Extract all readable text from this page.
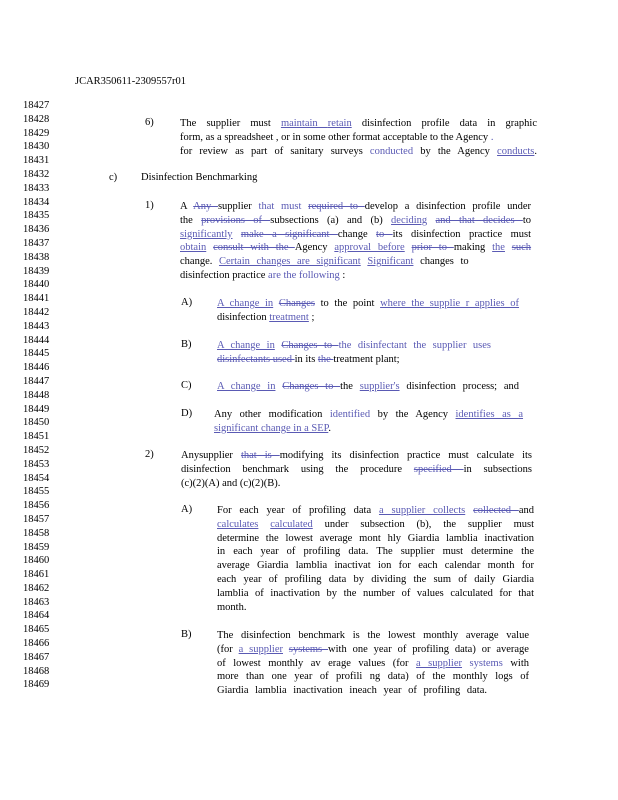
JCAR350611-2309557r01
18427
18428
18429
18430
18431
18432
18433
18434
18435
18436
18437
18438
18439
18440
18441
18442
18443
18444
18445
18446
18447
18448
18449
18450
18451
18452
18453
18454
18455
18456
18457
18458
18459
18460
18461
18462
18463
18464
18465
18466
18467
18468
18469
6)	The supplier must maintain retain disinfection profile data in graphic
form, as a spreadsheet , or in some other format acceptable to the Agency .
for review as part of sanitary surveys conducted by the Agency conducts.
c) Disinfection Benchmarking
1)	A Any supplier that must required to develop a disinfection profile under
the provisions of subsections (a) and (b) deciding and that decides to
significantly make a significant change to its disinfection practice must
obtain consult with the Agency approval before prior to making the such
change. Certain changes are significant Significant changes to
disinfection practice are the following :
A) A change in Changes to the point where the supplie r applies of
disinfection treatment ;
B) A change in Changes to the disinfectant the supplier uses
disinfectants used in its the treatment plant;
C) A change in Changes to the supplier's disinfection process; and
D) Any other modification identified by the Agency identifies as a
significant change in a SEP.
2)	Anysupplier that is modifying its disinfection practice must calculate its
disinfection benchmark using the procedure specified in subsections
(c)(2)(A) and (c)(2)(B).
A) For each year of profiling data a supplier collects collected and
calculates calculated under subsection (b), the supplier must
determine the lowest average mont hly Giardia lamblia inactivation
in each year of profiling data. The supplier must determine the
average Giardia lamblia inactivat ion for each calendar month for
each year of profiling data by dividing the sum of daily Giardia
lamblia of inactivation by the number of values calculated for that
month.
B) The disinfection benchmark is the lowest monthly average value
(for a supplier systems with one year of profiling data) or average
of lowest monthly av erage values (for a supplier systems with
more than one year of profili ng data) of the monthly logs of
Giardia lamblia inactivation ineach year of profiling data.
